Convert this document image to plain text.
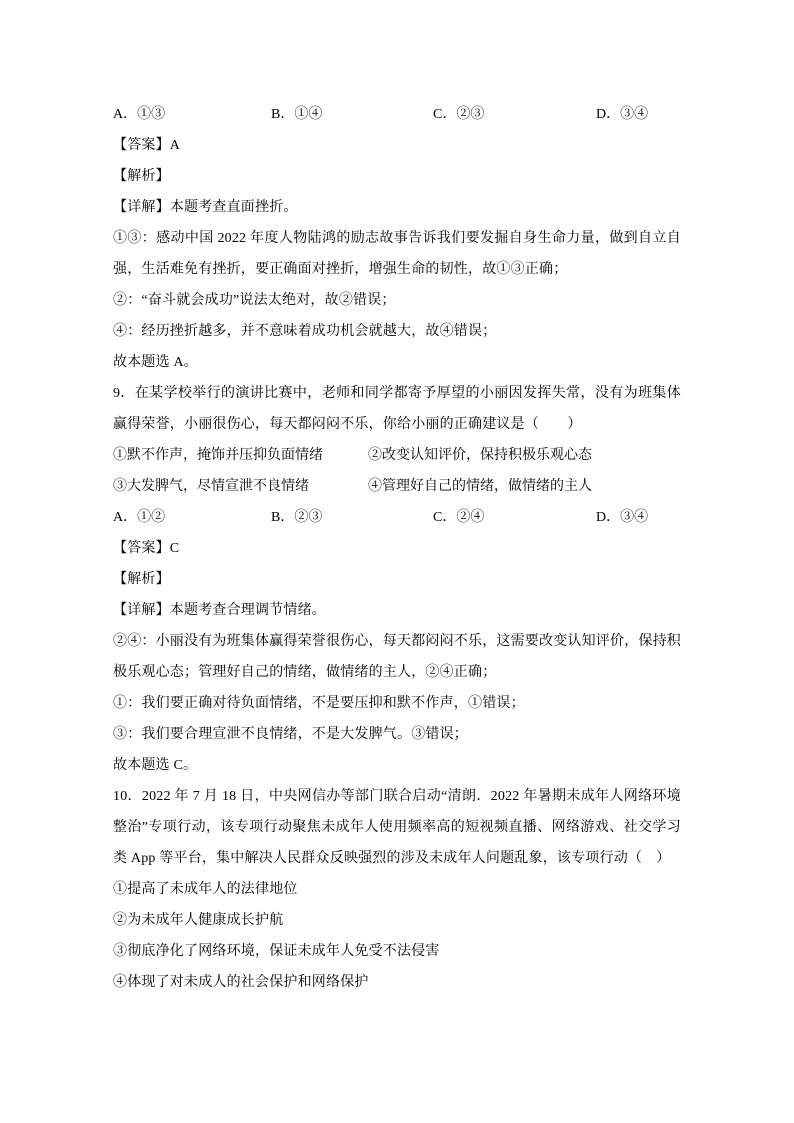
A．①③	B．①④	C．②③	D．③④

【答案】A

【解析】

【详解】本题考查直面挫折。

①③：感动中国 2022 年度人物陆鸿的励志故事告诉我们要发掘自身生命力量，做到自立自强，生活难免有挫折，要正确面对挫折，增强生命的韧性，故①③正确；

②：“奋斗就会成功”说法太绝对，故②错误；

④：经历挫折越多，并不意味着成功机会就越大，故④错误；

故本题选 A。

9．在某学校举行的演讲比赛中，老师和同学都寄予厚望的小丽因发挥失常，没有为班集体赢得荣誉，小丽很伤心，每天都闷闷不乐，你给小丽的正确建议是（　　）

①默不作声，掩饰并压抑负面情绪	②改变认知评价，保持积极乐观心态
③大发脾气，尽情宣泄不良情绪	④管理好自己的情绪，做情绪的主人
A．①②	B．②③	C．②④	D．③④

【答案】C

【解析】

【详解】本题考查合理调节情绪。

②④：小丽没有为班集体赢得荣誉很伤心，每天都闷闷不乐，这需要改变认知评价，保持积极乐观心态；管理好自己的情绪，做情绪的主人，②④正确；

①：我们要正确对待负面情绪，不是要压抑和默不作声，①错误；

③：我们要合理宣泄不良情绪，不是大发脾气。③错误；

故本题选 C。

10．2022 年 7 月 18 日，中央网信办等部门联合启动“清朗．2022 年暑期未成年人网络环境整治”专项行动，该专项行动聚焦未成年人使用频率高的短视频直播、网络游戏、社交学习类 App 等平台，集中解决人民群众反映强烈的涉及未成年人问题乱象，该专项行动（　）

①提高了未成年人的法律地位

②为未成年人健康成长护航

③彻底净化了网络环境，保证未成年人免受不法侵害

④体现了对未成人的社会保护和网络保护
